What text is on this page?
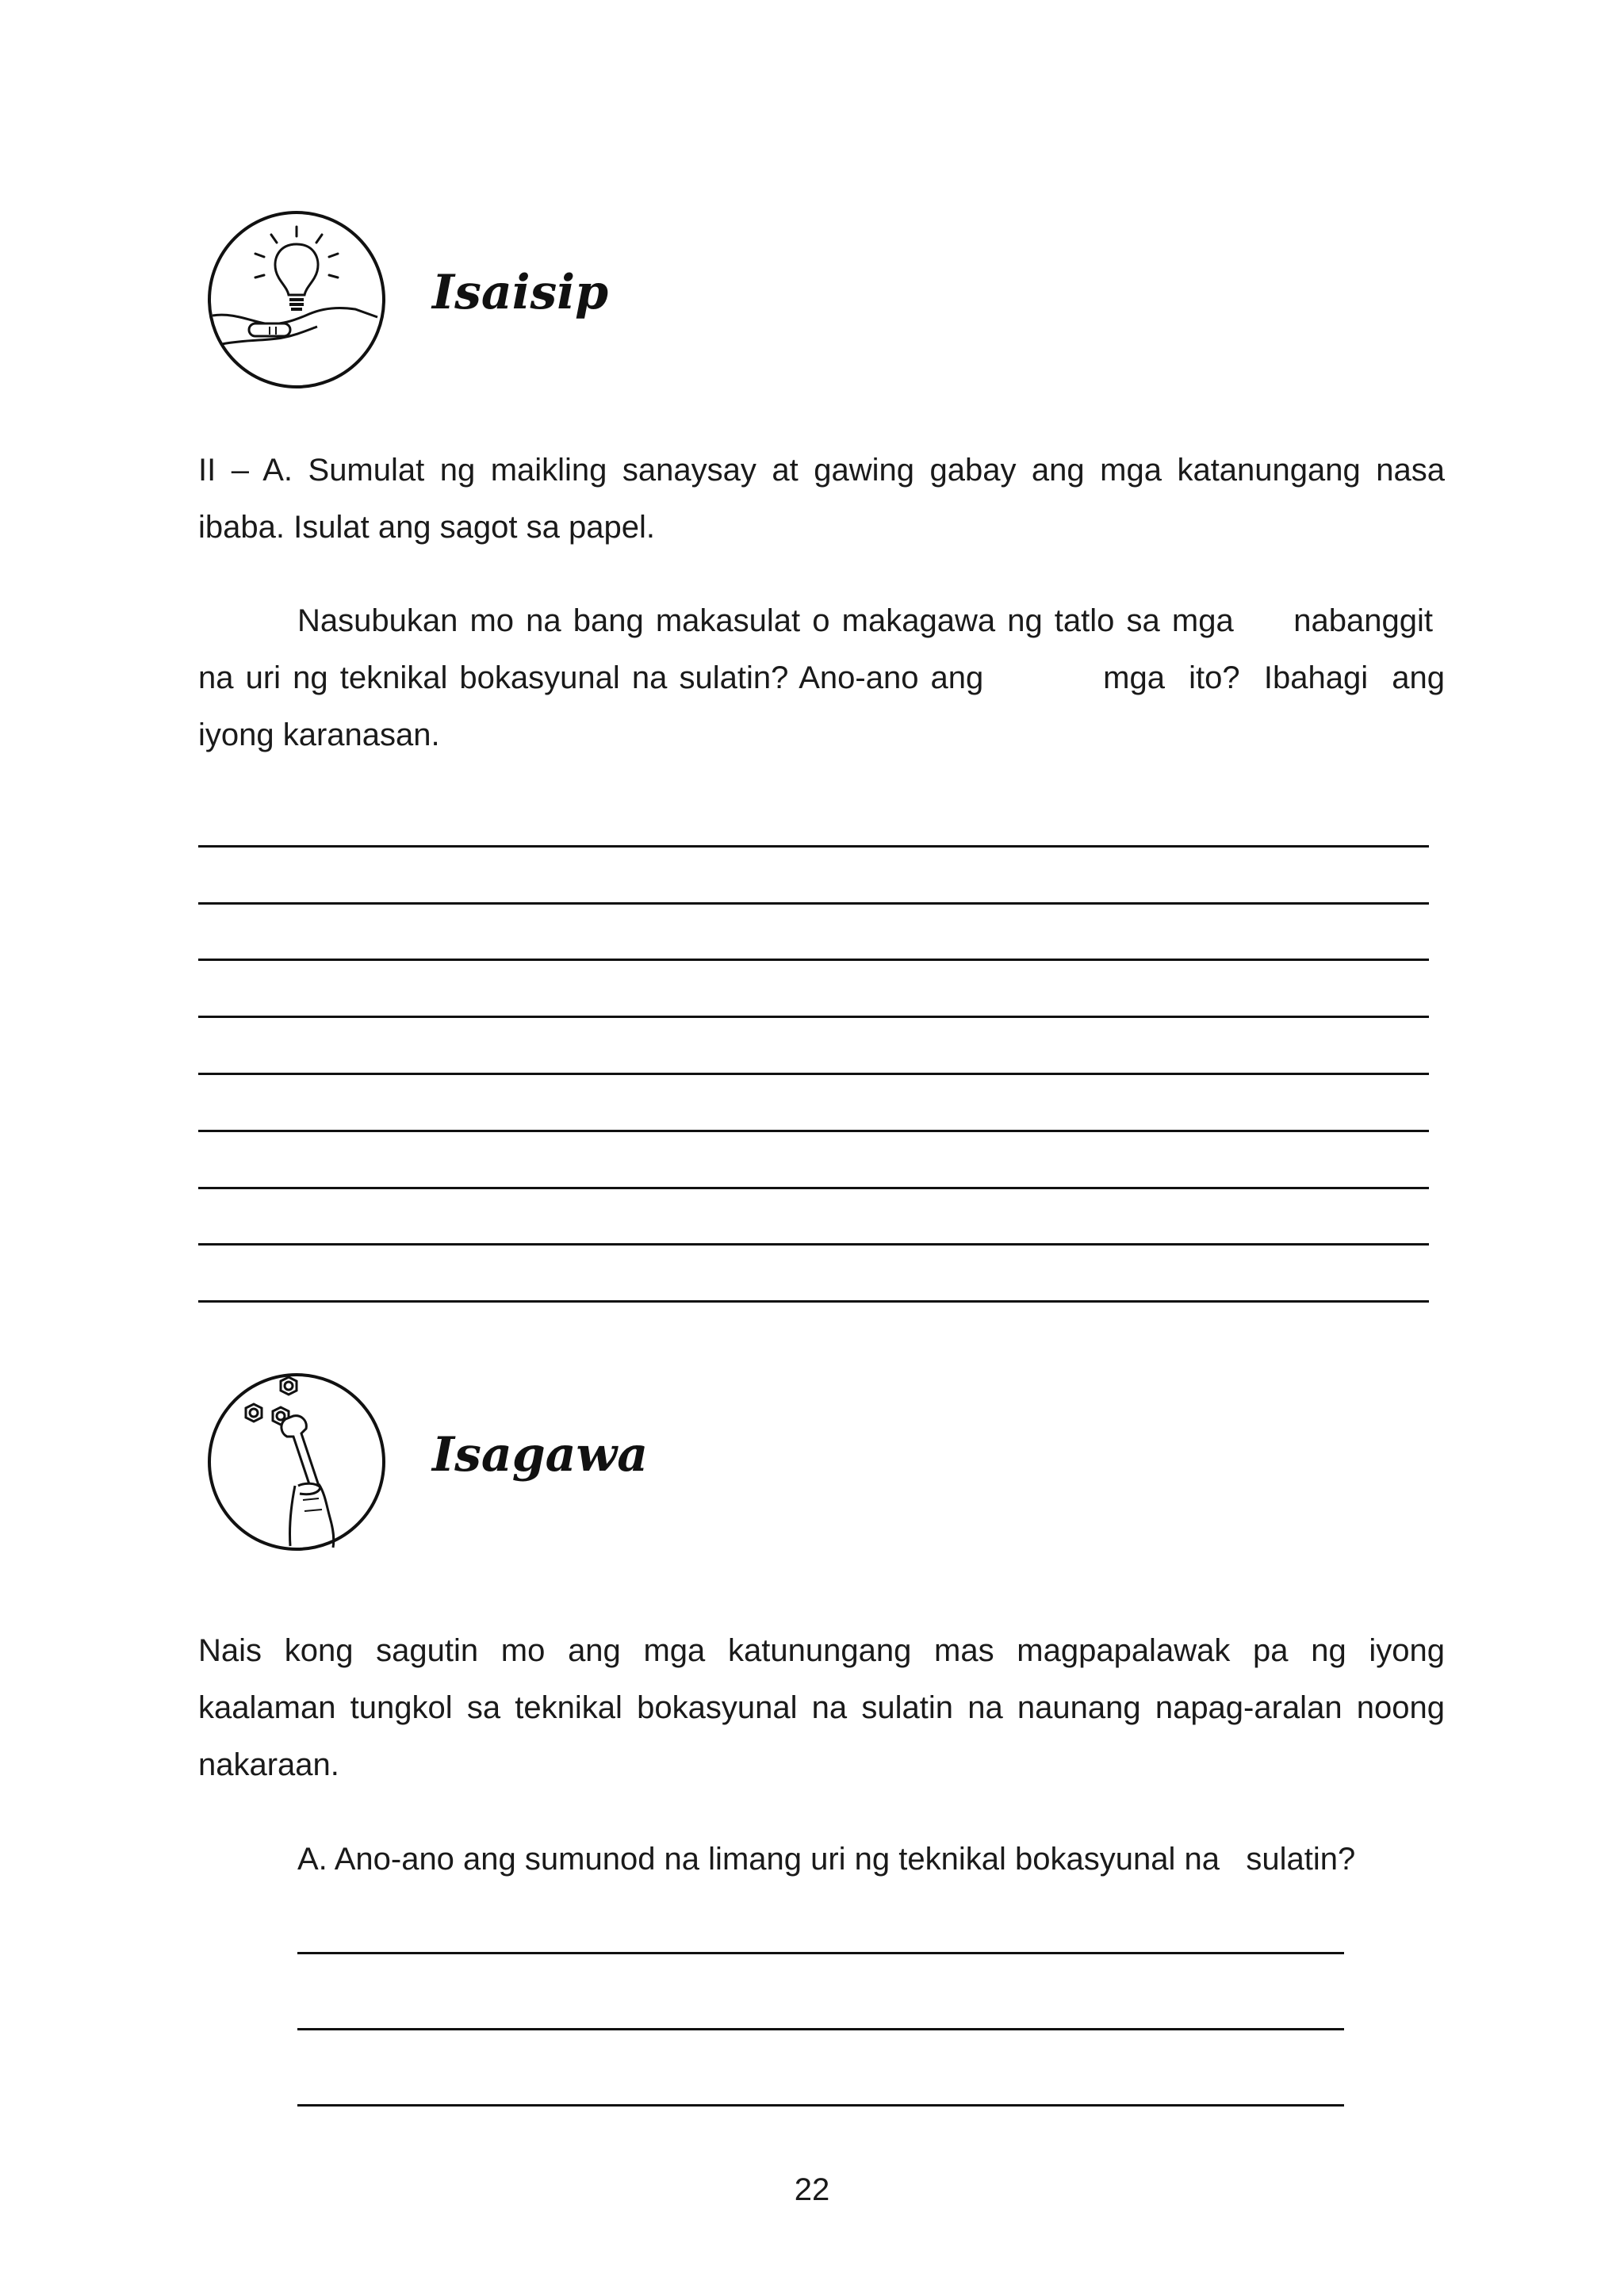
Isaisip
II – A. Sumulat ng maikling sanaysay at gawing gabay ang mga katanungang nasa
ibaba. Isulat ang sagot sa papel.
Nasubukan mo na bang makasulat o makagawa ng tatlo sa mga     nabanggit
na uri ng teknikal bokasyunal na sulatin? Ano-ano ang          mga  ito?  Ibahagi  ang
iyong karanasan.
Isagawa
Nais kong sagutin mo ang mga katunungang mas magpapalawak pa ng iyong
kaalaman tungkol sa teknikal bokasyunal na sulatin na naunang napag-aralan noong
nakaraan.
A. Ano-ano ang sumunod na limang uri ng teknikal bokasyunal na   sulatin?
22
